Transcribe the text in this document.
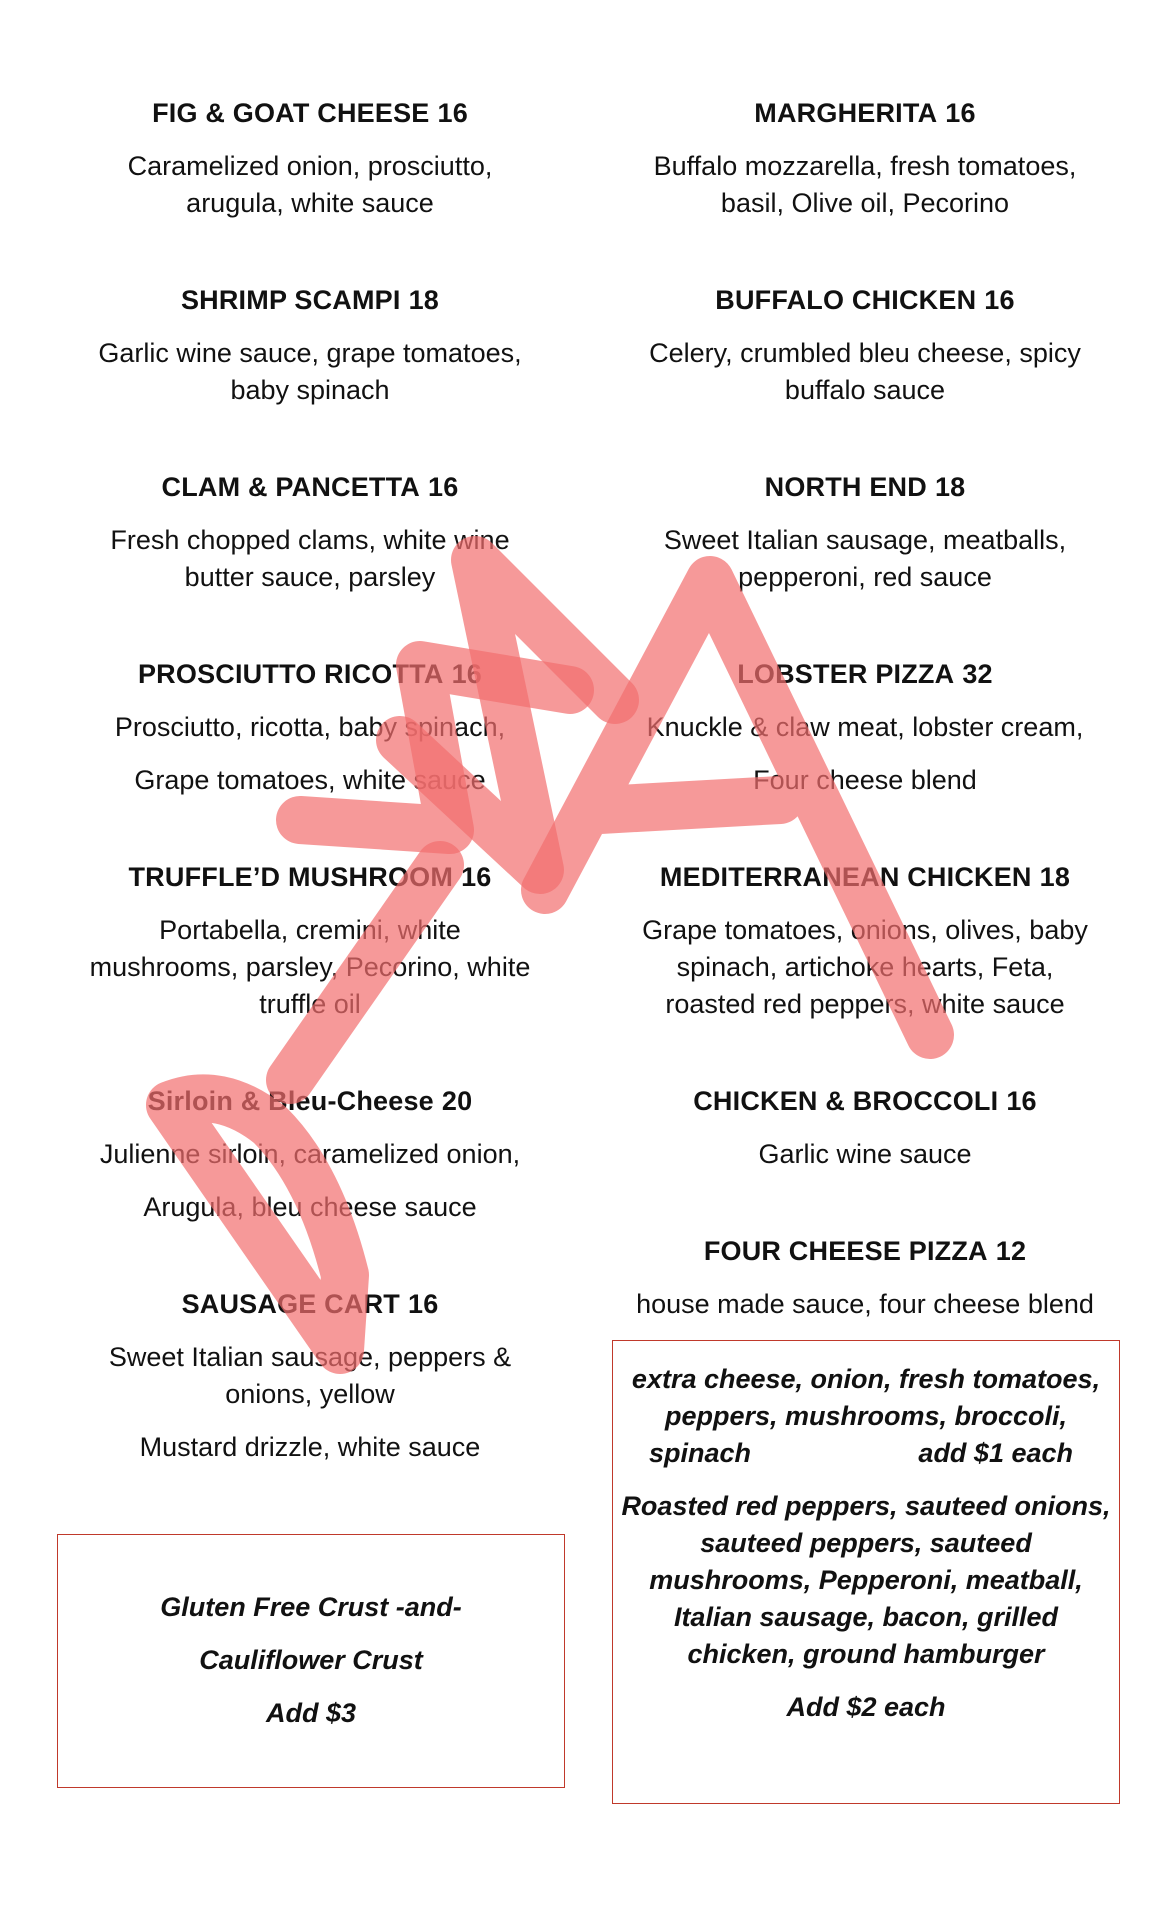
FIG & GOAT CHEESE 16
Caramelized onion, prosciutto,
arugula, white sauce
SHRIMP SCAMPI 18
Garlic wine sauce, grape tomatoes,
baby spinach
CLAM & PANCETTA 16
Fresh chopped clams, white wine
butter sauce, parsley
PROSCIUTTO RICOTTA 16
Prosciutto, ricotta, baby spinach,
Grape tomatoes, white sauce
TRUFFLE’D MUSHROOM 16
Portabella, cremini, white
mushrooms, parsley, Pecorino, white
truffle oil
Sirloin & Bleu-Cheese 20
Julienne sirloin, caramelized onion,
Arugula, bleu cheese sauce
SAUSAGE CART 16
Sweet Italian sausage, peppers &
onions, yellow
Mustard drizzle, white sauce
MARGHERITA 16
Buffalo mozzarella, fresh tomatoes,
basil, Olive oil, Pecorino
BUFFALO CHICKEN 16
Celery, crumbled bleu cheese, spicy
buffalo sauce
NORTH END 18
Sweet Italian sausage, meatballs,
pepperoni, red sauce
LOBSTER PIZZA 32
Knuckle & claw meat, lobster cream,
Four cheese blend
MEDITERRANEAN CHICKEN 18
Grape tomatoes, onions, olives, baby
spinach, artichoke hearts, Feta,
roasted red peppers, white sauce
CHICKEN & BROCCOLI 16
Garlic wine sauce
FOUR CHEESE PIZZA 12
house made sauce, four cheese blend
Gluten Free Crust -and-
Cauliflower Crust
Add $3
extra cheese, onion, fresh tomatoes,
peppers, mushrooms, broccoli,
spinach	add $1 each
Roasted red peppers, sauteed onions,
sauteed peppers, sauteed
mushrooms, Pepperoni, meatball,
Italian sausage, bacon, grilled
chicken, ground hamburger
Add $2 each
